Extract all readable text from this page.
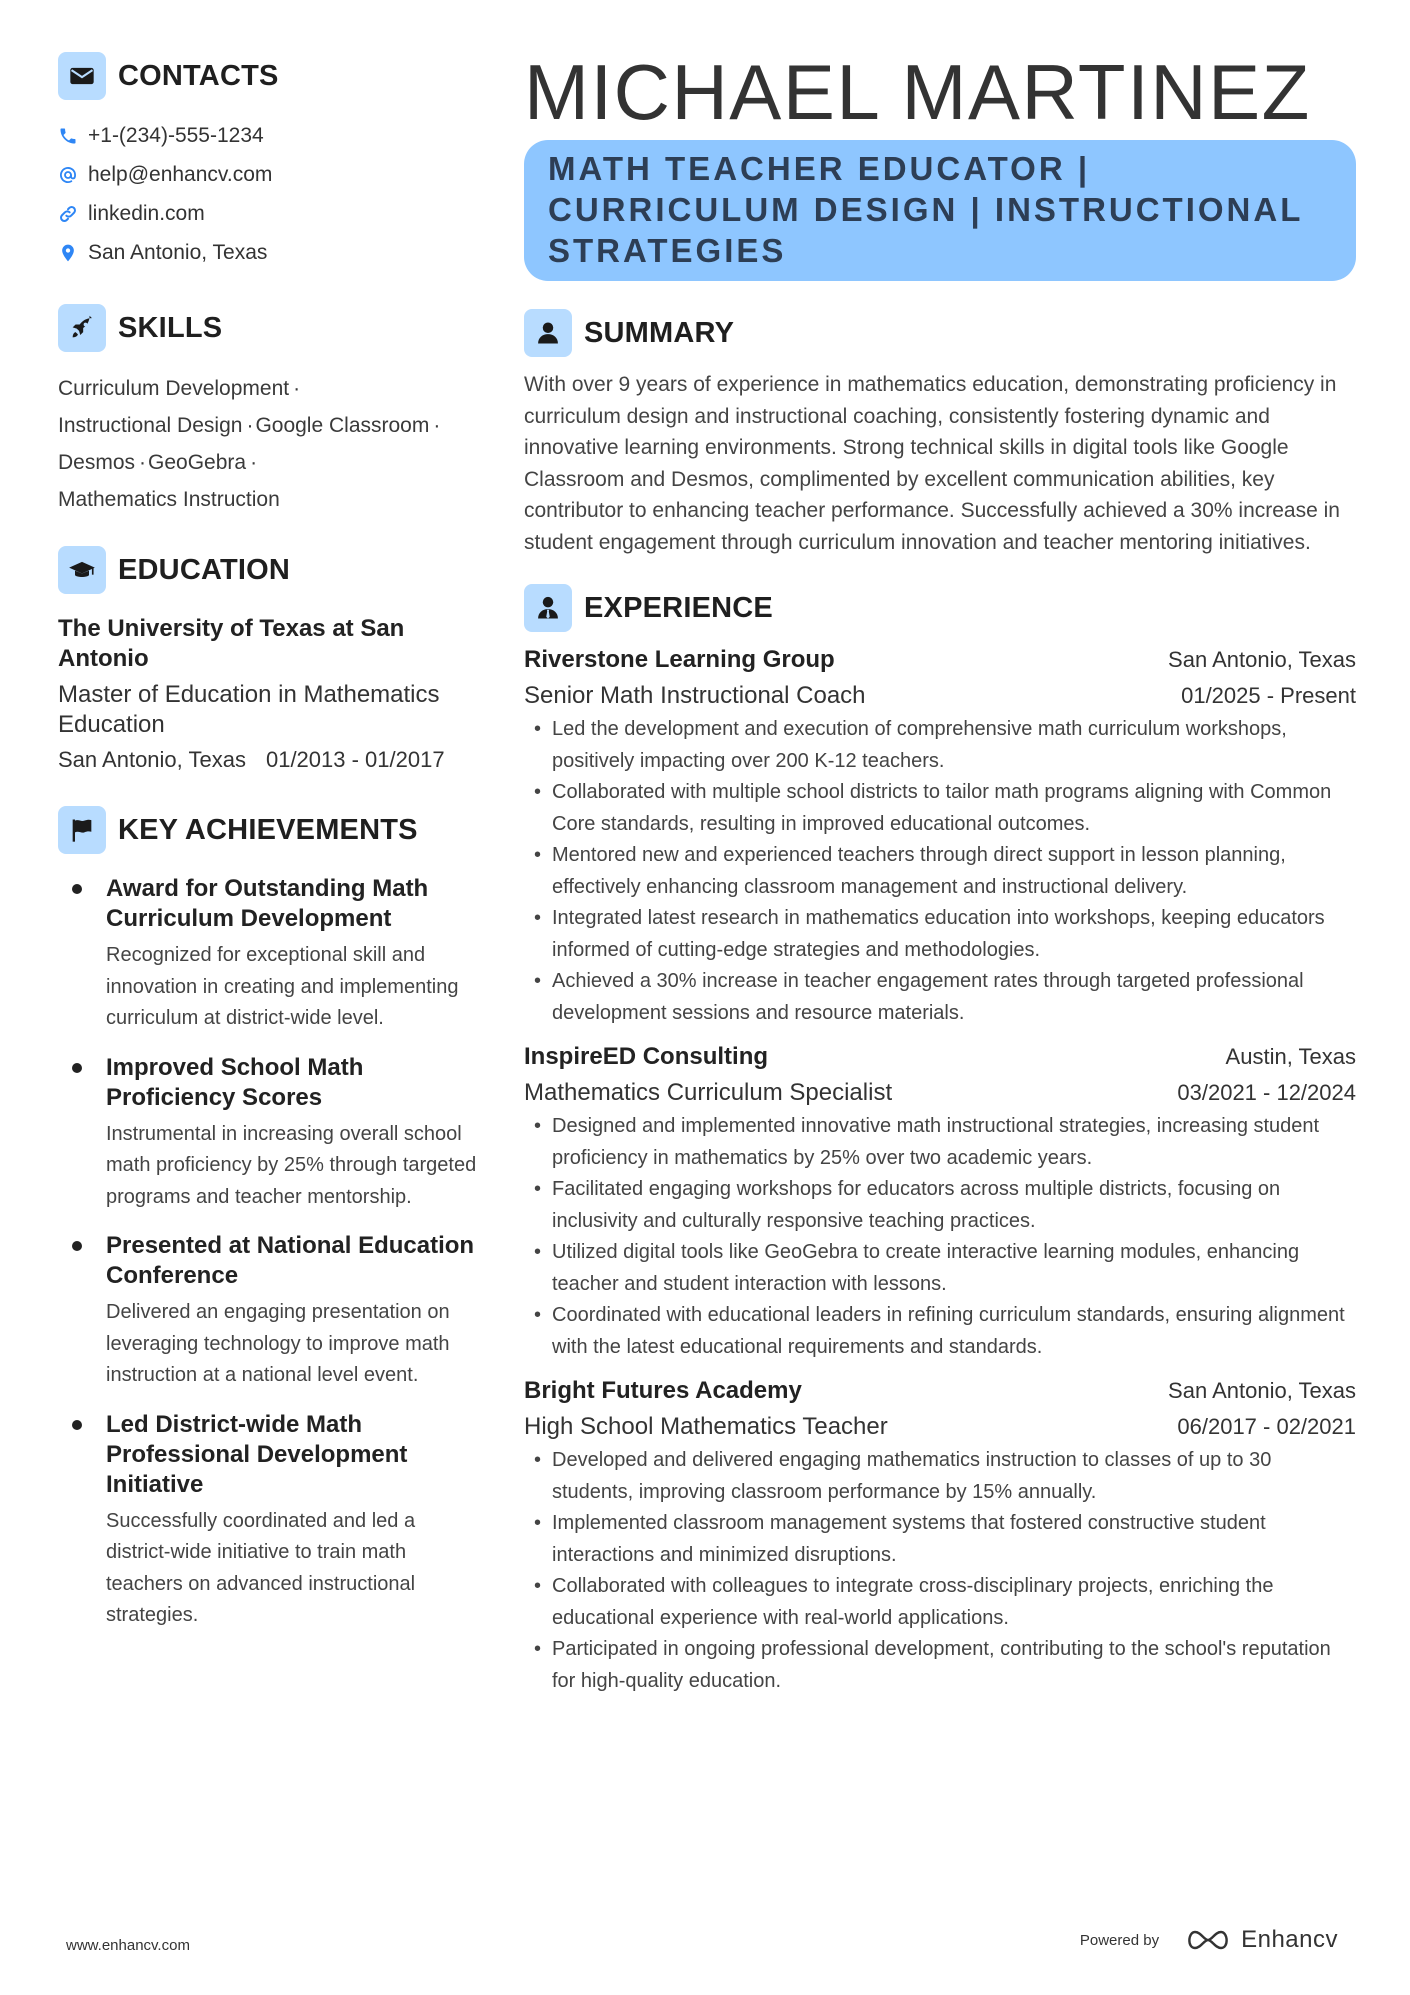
CONTACTS
+1-(234)-555-1234
help@enhancv.com
linkedin.com
San Antonio, Texas
SKILLS
Curriculum Development ·
Instructional Design ·Google Classroom ·
Desmos ·GeoGebra ·
Mathematics Instruction
EDUCATION
The University of Texas at San Antonio
Master of Education in Mathematics Education
San Antonio, Texas 01/2013 - 01/2017
KEY ACHIEVEMENTS
Award for Outstanding Math Curriculum Development
Recognized for exceptional skill and innovation in creating and implementing curriculum at district-wide level.
Improved School Math Proficiency Scores
Instrumental in increasing overall school math proficiency by 25% through targeted programs and teacher mentorship.
Presented at National Education Conference
Delivered an engaging presentation on leveraging technology to improve math instruction at a national level event.
Led District-wide Math Professional Development Initiative
Successfully coordinated and led a district-wide initiative to train math teachers on advanced instructional strategies.
MICHAEL MARTINEZ
MATH TEACHER EDUCATOR | CURRICULUM DESIGN | INSTRUCTIONAL STRATEGIES
SUMMARY

With over 9 years of experience in mathematics education, demonstrating proficiency in curriculum design and instructional coaching, consistently fostering dynamic and innovative learning environments. Strong technical skills in digital tools like Google Classroom and Desmos, complimented by excellent communication abilities, key contributor to enhancing teacher performance. Successfully achieved a 30% increase in student engagement through curriculum innovation and teacher mentoring initiatives.

EXPERIENCE
Riverstone Learning Group	San Antonio, Texas
Senior Math Instructional Coach	01/2025 - Present
• Led the development and execution of comprehensive math curriculum workshops, positively impacting over 200 K-12 teachers.
• Collaborated with multiple school districts to tailor math programs aligning with Common Core standards, resulting in improved educational outcomes.
• Mentored new and experienced teachers through direct support in lesson planning, effectively enhancing classroom management and instructional delivery.
• Integrated latest research in mathematics education into workshops, keeping educators informed of cutting-edge strategies and methodologies.
• Achieved a 30% increase in teacher engagement rates through targeted professional development sessions and resource materials.
InspireED Consulting	Austin, Texas
Mathematics Curriculum Specialist	03/2021 - 12/2024
• Designed and implemented innovative math instructional strategies, increasing student proficiency in mathematics by 25% over two academic years.
• Facilitated engaging workshops for educators across multiple districts, focusing on inclusivity and culturally responsive teaching practices.
• Utilized digital tools like GeoGebra to create interactive learning modules, enhancing teacher and student interaction with lessons.
• Coordinated with educational leaders in refining curriculum standards, ensuring alignment with the latest educational requirements and standards.
Bright Futures Academy	San Antonio, Texas
High School Mathematics Teacher	06/2017 - 02/2021
• Developed and delivered engaging mathematics instruction to classes of up to 30 students, improving classroom performance by 15% annually.
• Implemented classroom management systems that fostered constructive student interactions and minimized disruptions.
• Collaborated with colleagues to integrate cross-disciplinary projects, enriching the educational experience with real-world applications.
• Participated in ongoing professional development, contributing to the school's reputation for high-quality education.
www.enhancv.com	Powered by	Enhancv
